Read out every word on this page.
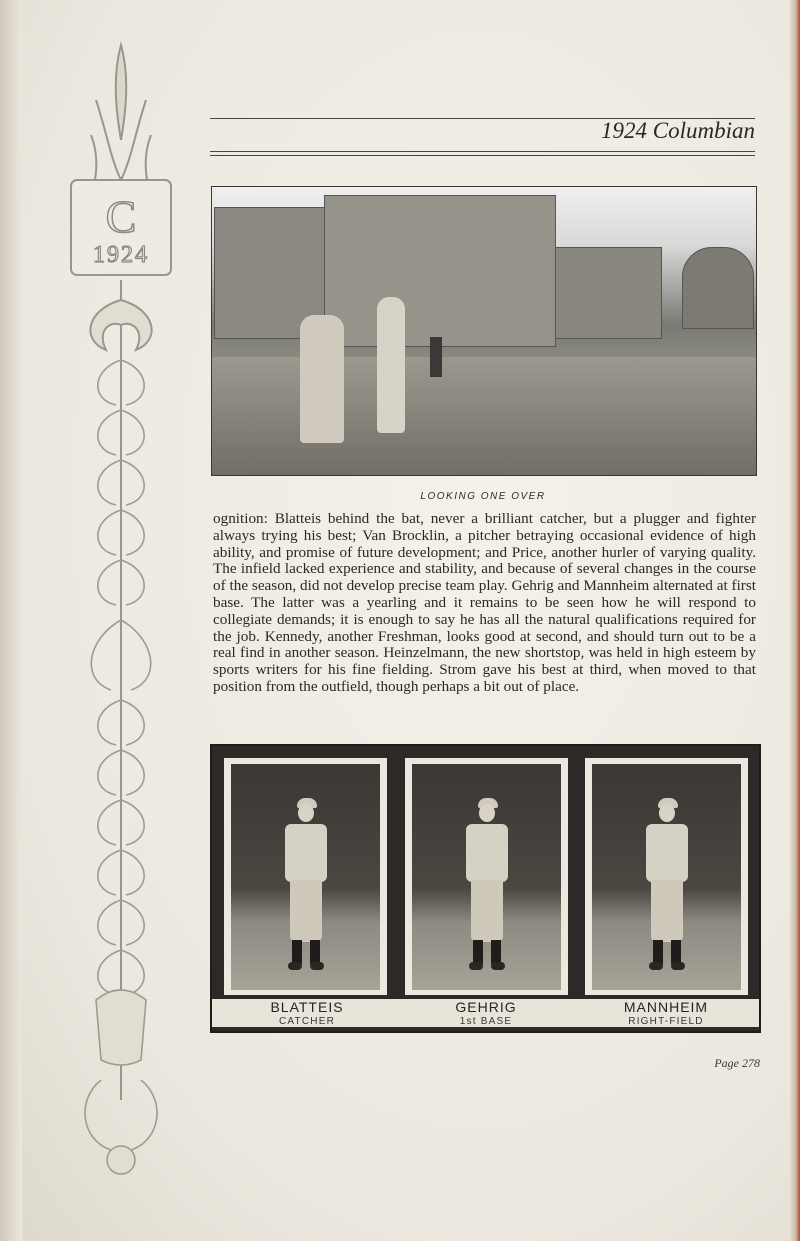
C
1924
1924 Columbian
LOOKING ONE OVER
ognition: Blatteis behind the bat, never a brilliant catcher, but a plugger and fighter always trying his best; Van Brocklin, a pitcher betraying occasional evidence of high ability, and promise of future development; and Price, another hurler of varying quality. The infield lacked experience and stability, and because of several changes in the course of the season, did not develop precise team play. Gehrig and Mannheim alternated at first base. The latter was a yearling and it remains to be seen how he will respond to collegiate demands; it is enough to say he has all the natural qualifications required for the job. Kennedy, another Freshman, looks good at second, and should turn out to be a real find in another season. Heinzelmann, the new shortstop, was held in high esteem by sports writers for his fine fielding. Strom gave his best at third, when moved to that position from the outfield, though perhaps a bit out of place.
BLATTEIS
CATCHER
GEHRIG
1st BASE
MANNHEIM
RIGHT-FIELD
Page 278
